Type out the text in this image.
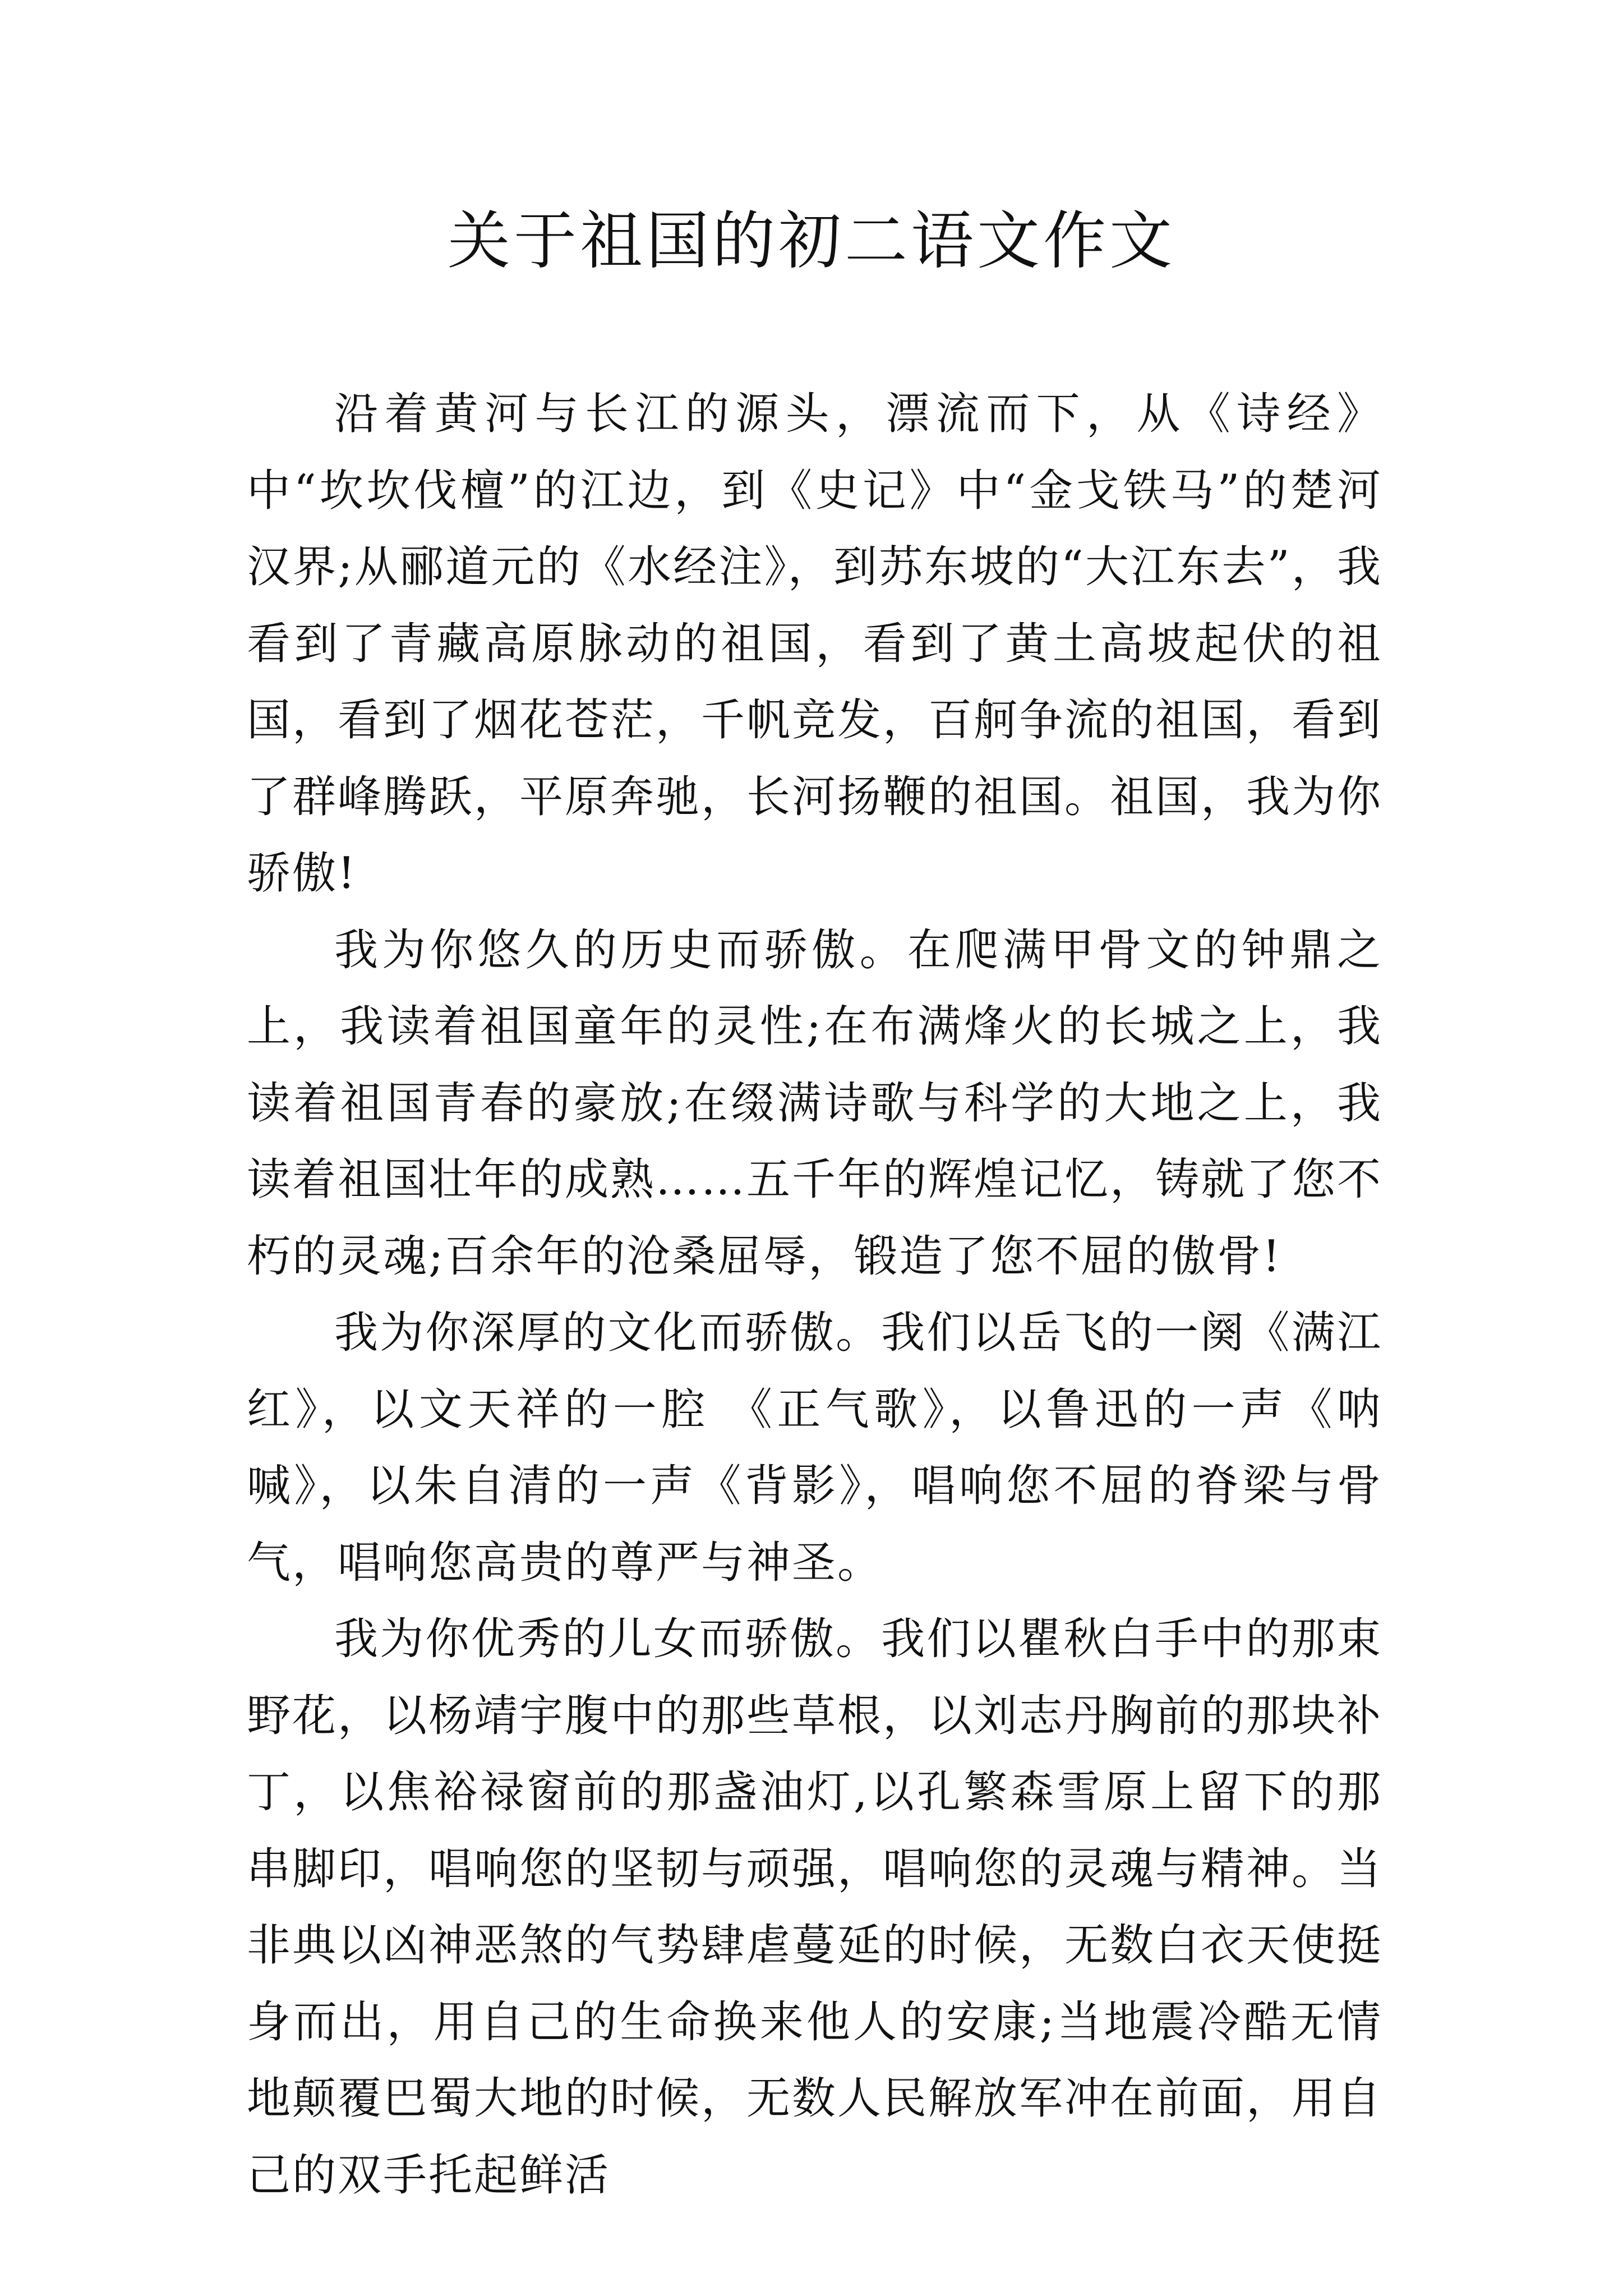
关于祖国的初二语文作文

沿着黄河与长江的源头，漂流而下，从《诗经》中“坎坎伐檀”的江边，到《史记》中“金戈铁马”的楚河汉界;从郦道元的《水经注》，到苏东坡的“大江东去”，我看到了青藏高原脉动的祖国，看到了黄土高坡起伏的祖国，看到了烟花苍茫，千帆竞发，百舸争流的祖国，看到了群峰腾跃，平原奔驰，长河扬鞭的祖国。祖国，我为你骄傲!

我为你悠久的历史而骄傲。在爬满甲骨文的钟鼎之上，我读着祖国童年的灵性;在布满烽火的长城之上，我读着祖国青春的豪放;在缀满诗歌与科学的大地之上，我读着祖国壮年的成熟……五千年的辉煌记忆，铸就了您不朽的灵魂;百余年的沧桑屈辱，锻造了您不屈的傲骨!

我为你深厚的文化而骄傲。我们以岳飞的一阕《满江红》，以文天祥的一腔 《正气歌》，以鲁迅的一声《呐喊》，以朱自清的一声《背影》，唱响您不屈的脊梁与骨气，唱响您高贵的尊严与神圣。

我为你优秀的儿女而骄傲。我们以瞿秋白手中的那束野花，以杨靖宇腹中的那些草根，以刘志丹胸前的那块补丁，以焦裕禄窗前的那盏油灯,以孔繁森雪原上留下的那串脚印，唱响您的坚韧与顽强，唱响您的灵魂与精神。当非典以凶神恶煞的气势肆虐蔓延的时候，无数白衣天使挺身而出，用自己的生命换来他人的安康;当地震冷酷无情地颠覆巴蜀大地的时候，无数人民解放军冲在前面，用自己的双手托起鲜活
